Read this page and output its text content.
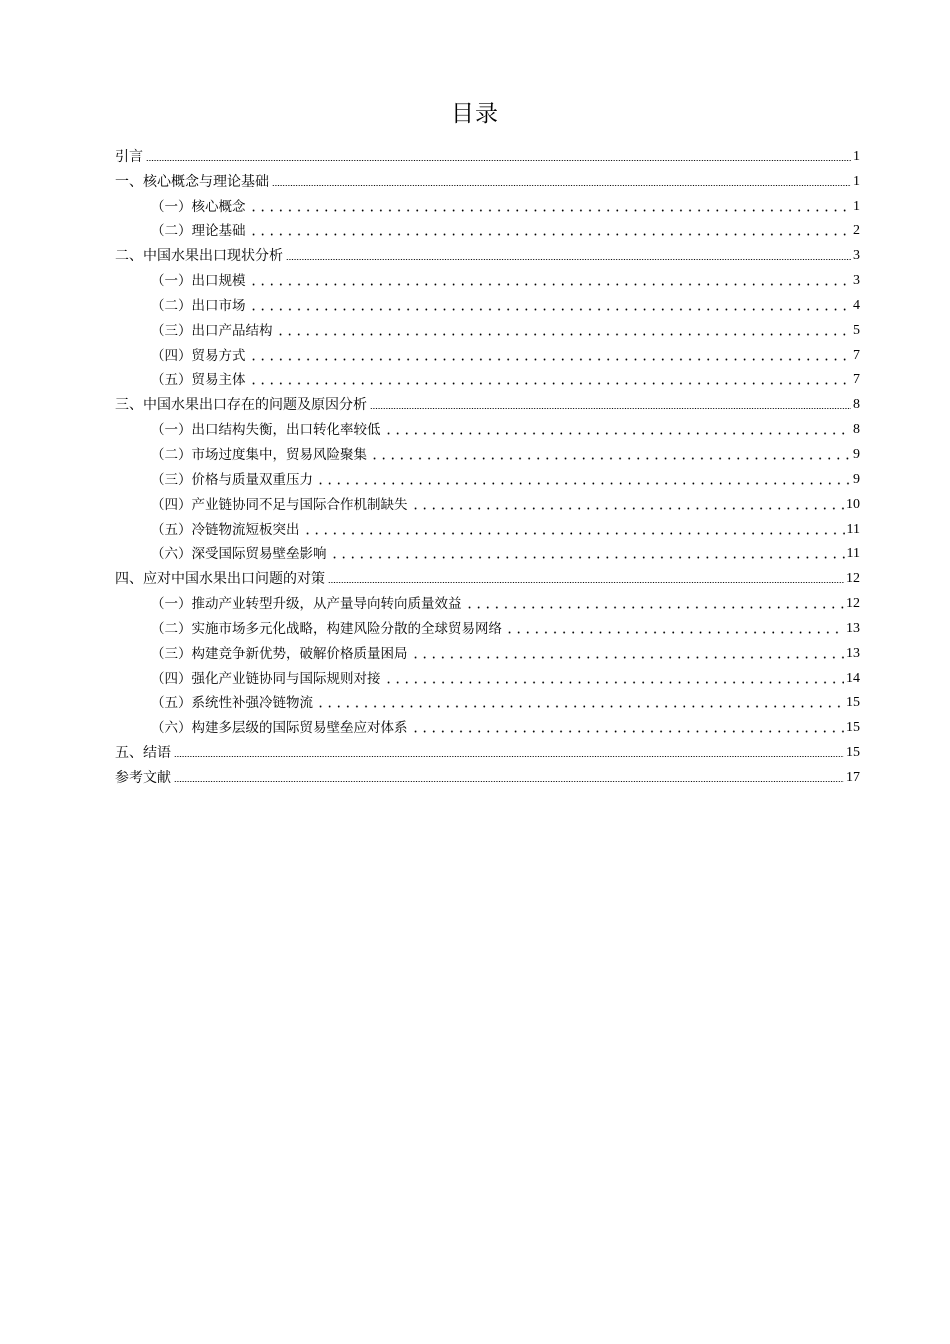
目录
引言	1
一、核心概念与理论基础	1
（一）核心概念	1
（二）理论基础	2
二、中国水果出口现状分析	3
（一）出口规模	3
（二）出口市场	4
（三）出口产品结构	5
（四）贸易方式	7
（五）贸易主体	7
三、中国水果出口存在的问题及原因分析	8
（一）出口结构失衡，出口转化率较低	8
（二）市场过度集中，贸易风险聚集	9
（三）价格与质量双重压力	9
（四）产业链协同不足与国际合作机制缺失	10
（五）冷链物流短板突出	11
（六）深受国际贸易壁垒影响	11
四、应对中国水果出口问题的对策	12
（一）推动产业转型升级，从产量导向转向质量效益	12
（二）实施市场多元化战略，构建风险分散的全球贸易网络	13
（三）构建竞争新优势，破解价格质量困局	13
（四）强化产业链协同与国际规则对接	14
（五）系统性补强冷链物流	15
（六）构建多层级的国际贸易壁垒应对体系	15
五、结语	15
参考文献	17
